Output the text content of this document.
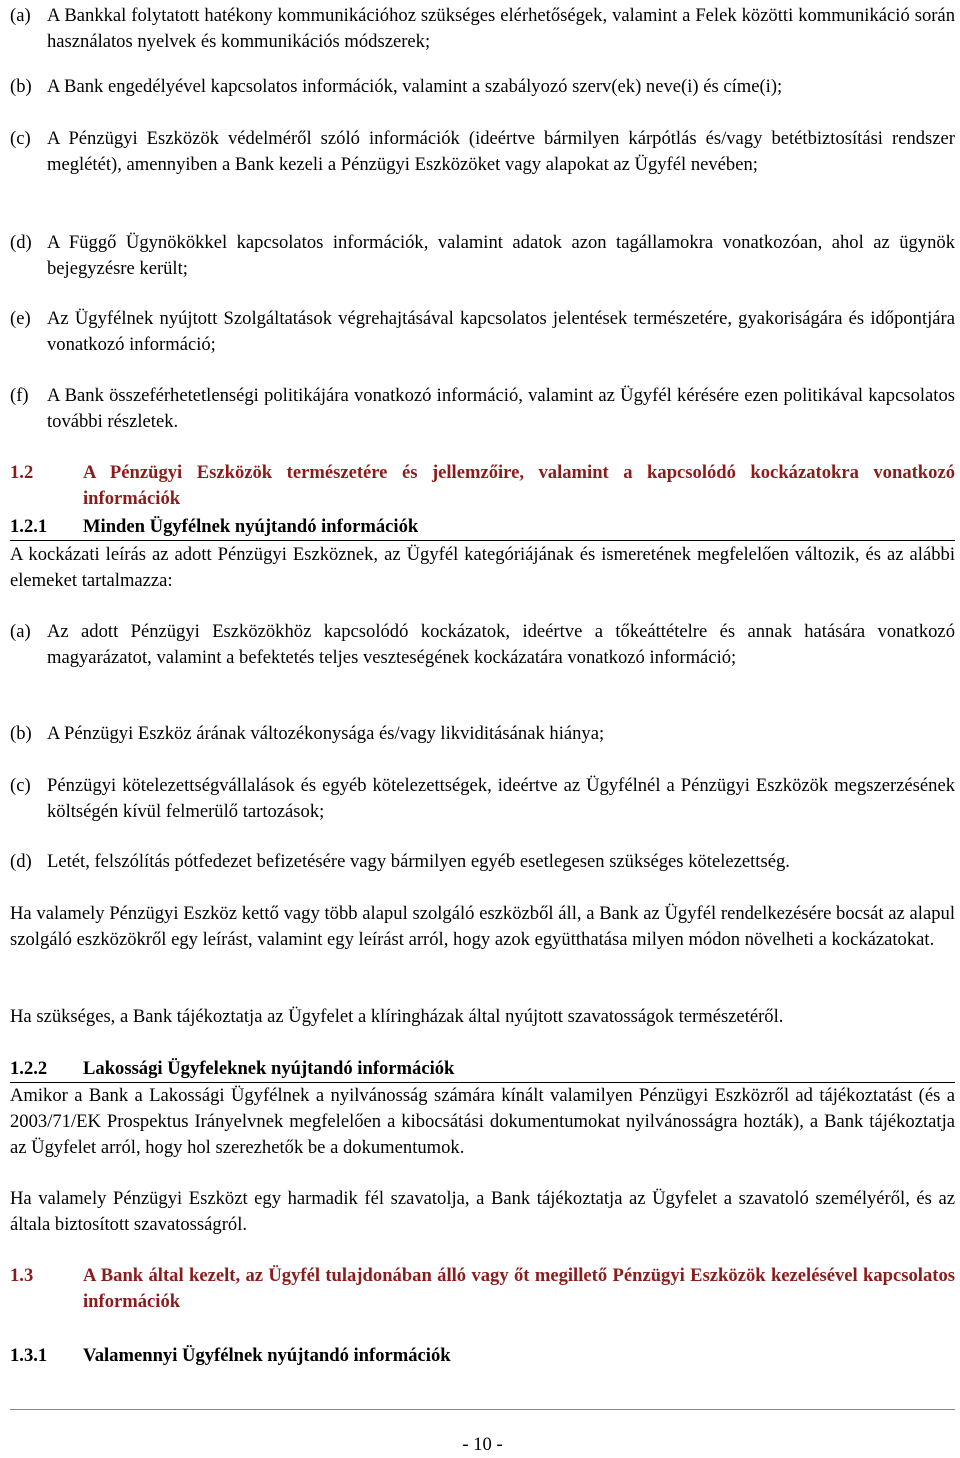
(a) A Bankkal folytatott hatékony kommunikációhoz szükséges elérhetőségek, valamint a Felek közötti kommunikáció során használatos nyelvek és kommunikációs módszerek;
(b) A Bank engedélyével kapcsolatos információk, valamint a szabályozó szerv(ek) neve(i) és címe(i);
(c) A Pénzügyi Eszközök védelméről szóló információk (ideértve bármilyen kárpótlás és/vagy betétbiztosítási rendszer meglétét), amennyiben a Bank kezeli a Pénzügyi Eszközöket vagy alapokat az Ügyfél nevében;
(d) A Függő Ügynökökkel kapcsolatos információk, valamint adatok azon tagállamokra vonatkozóan, ahol az ügynök bejegyzésre került;
(e) Az Ügyfélnek nyújtott Szolgáltatások végrehajtásával kapcsolatos jelentések természetére, gyakoriságára és időpontjára vonatkozó információ;
(f) A Bank összeférhetetlenségi politikájára vonatkozó információ, valamint az Ügyfél kérésére ezen politikával kapcsolatos további részletek.
1.2	A Pénzügyi Eszközök természetére és jellemzőire, valamint a kapcsolódó kockázatokra vonatkozó információk
1.2.1 Minden Ügyfélnek nyújtandó információk
A kockázati leírás az adott Pénzügyi Eszköznek, az Ügyfél kategóriájának és ismeretének megfelelően változik, és az alábbi elemeket tartalmazza:
(a) Az adott Pénzügyi Eszközökhöz kapcsolódó kockázatok, ideértve a tőkeáttételre és annak hatására vonatkozó magyarázatot, valamint a befektetés teljes veszteségének kockázatára vonatkozó információ;
(b) A Pénzügyi Eszköz árának változékonysága és/vagy likviditásának hiánya;
(c) Pénzügyi kötelezettségvállalások és egyéb kötelezettségek, ideértve az Ügyfélnél a Pénzügyi Eszközök megszerzésének költségén kívül felmerülő tartozások;
(d) Letét, felszólítás pótfedezet befizetésére vagy bármilyen egyéb esetlegesen szükséges kötelezettség.
Ha valamely Pénzügyi Eszköz kettő vagy több alapul szolgáló eszközből áll, a Bank az Ügyfél rendelkezésére bocsát az alapul szolgáló eszközökről egy leírást, valamint egy leírást arról, hogy azok együtthatása milyen módon növelheti a kockázatokat.
Ha szükséges, a Bank tájékoztatja az Ügyfelet a klíringházak által nyújtott szavatosságok természetéről.
1.2.2 Lakossági Ügyfeleknek nyújtandó információk
Amikor a Bank a Lakossági Ügyfélnek a nyilvánosság számára kínált valamilyen Pénzügyi Eszközről ad tájékoztatást (és a 2003/71/EK Prospektus Irányelvnek megfelelően a kibocsátási dokumentumokat nyilvánosságra hozták), a Bank tájékoztatja az Ügyfelet arról, hogy hol szerezhetők be a dokumentumok.
Ha valamely Pénzügyi Eszközt egy harmadik fél szavatolja, a Bank tájékoztatja az Ügyfelet a szavatoló személyéről, és az általa biztosított szavatosságról.
1.3	A Bank által kezelt, az Ügyfél tulajdonában álló vagy őt megillető Pénzügyi Eszközök kezelésével kapcsolatos információk
1.3.1 Valamennyi Ügyfélnek nyújtandó információk
- 10 -
